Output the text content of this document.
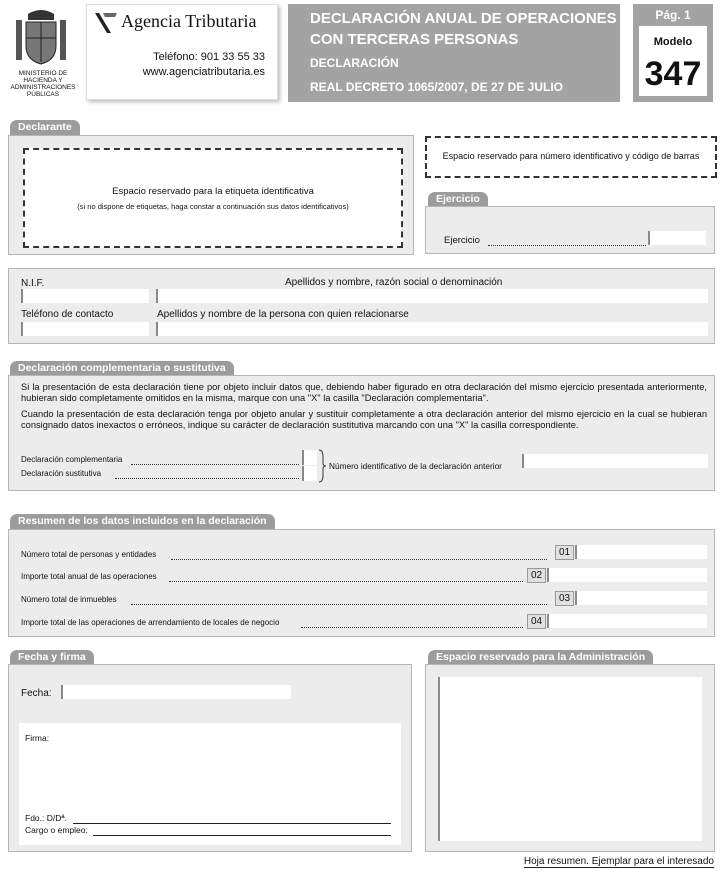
MINISTERIO DE HACIENDA Y ADMINISTRACIONES PÚBLICAS
Agencia Tributaria
Teléfono: 901 33 55 33
www.agenciatributaria.es
DECLARACIÓN ANUAL DE OPERACIONES
CON TERCERAS PERSONAS
DECLARACIÓN
REAL DECRETO 1065/2007, DE 27 DE JULIO
Pág. 1
Modelo
347
Declarante
Espacio reservado para la etiqueta identificativa
(si no dispone de etiquetas, haga constar a continuación sus datos identificativos)
Espacio reservado para número identificativo y código de barras
Ejercicio
Ejercicio
N.I.F.	Apellidos y nombre, razón social o denominación
Teléfono de contacto	Apellidos y nombre de la persona con quien relacionarse
Declaración complementaria o sustitutiva
Si la presentación de esta declaración tiene por objeto incluir datos que, debiendo haber figurado en otra declaración del mismo ejercicio presentada anteriormente, hubieran sido completamente omitidos en la misma, marque con una "X" la casilla "Declaración complementaria".
Cuando la presentación de esta declaración tenga por objeto anular y sustituir completamente a otra declaración anterior del mismo ejercicio en la cual se hubieran consignado datos inexactos o erróneos, indique su carácter de declaración sustitutiva marcando con una "X" la casilla correspondiente.
Declaración complementaria
Declaración sustitutiva
Número identificativo de la declaración anterior
Resumen de los datos incluidos en la declaración
Número total de personas y entidades	01
Importe total anual de las operaciones	02
Número total de inmuebles	03
Importe total de las operaciones de arrendamiento de locales de negocio	04
Fecha y firma
Fecha:
Firma:
Fdo.: D/Dª.
Cargo o empleo:
Espacio reservado para la Administración
Hoja resumen. Ejemplar para el interesado
